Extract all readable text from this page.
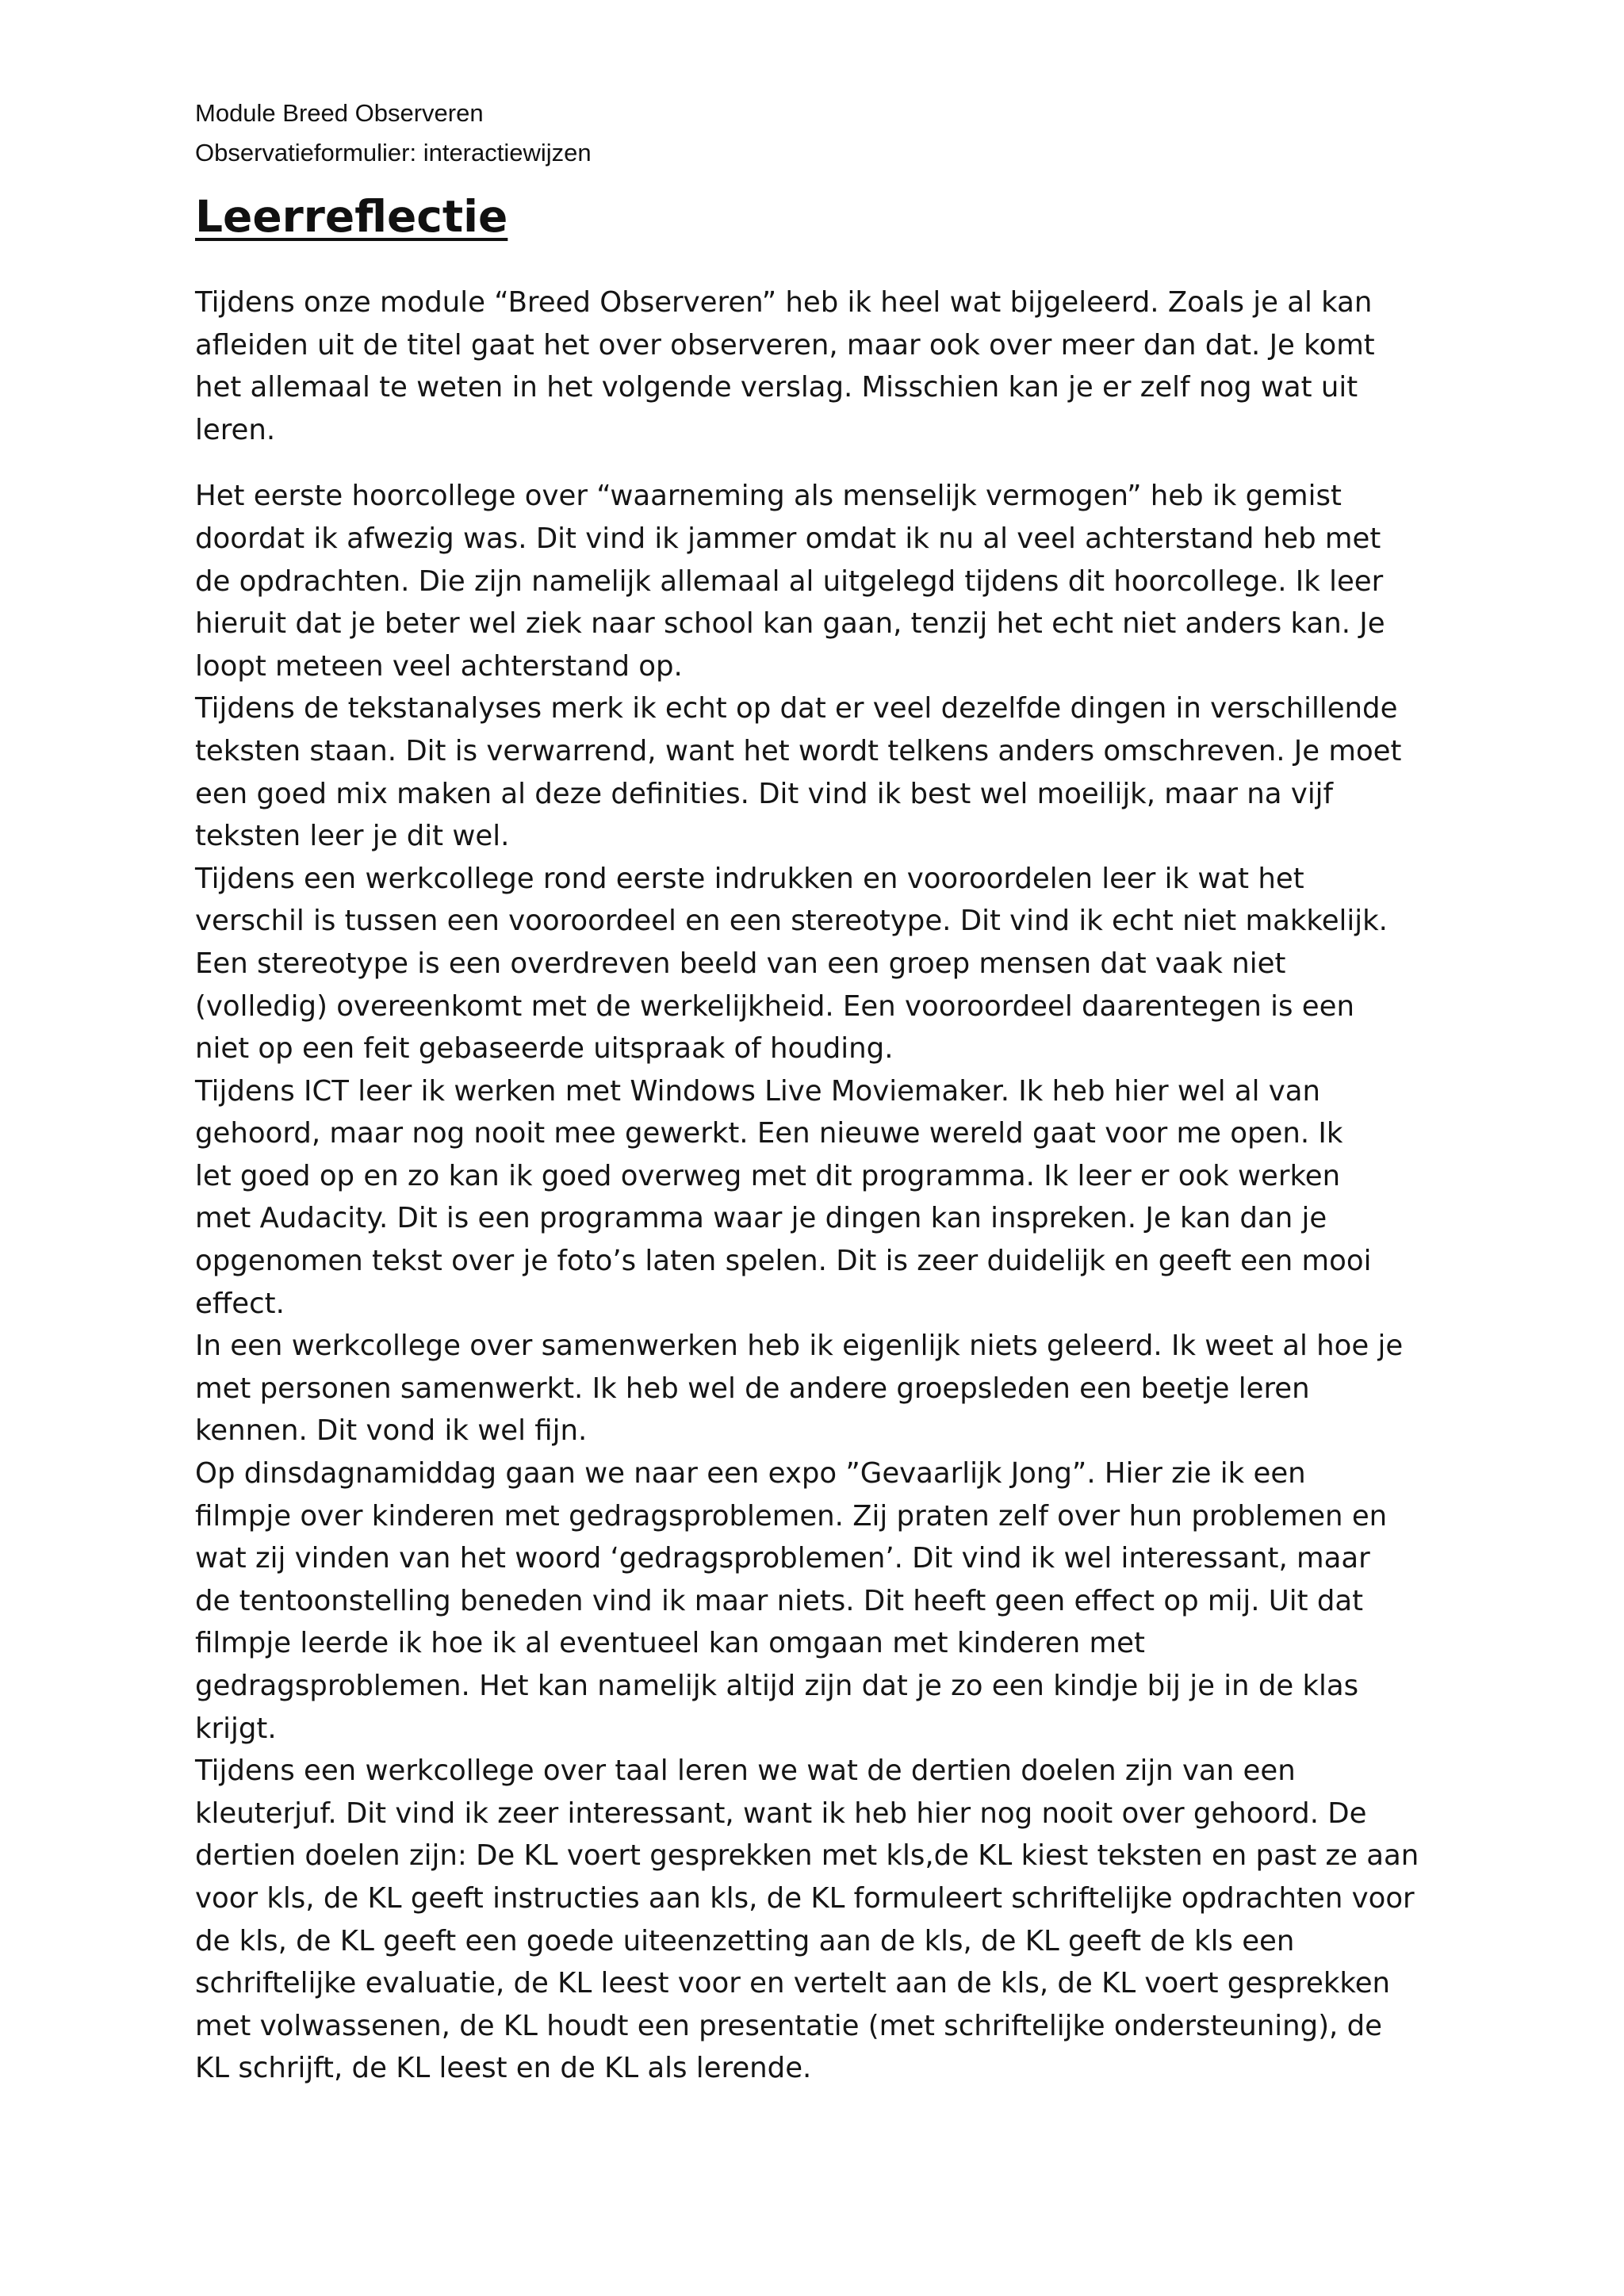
Module Breed Observeren
Observatieformulier: interactiewijzen
Leerreflectie

Tijdens onze module “Breed Observeren” heb ik heel wat bijgeleerd. Zoals je al kan
afleiden uit de titel gaat het over observeren, maar ook over meer dan dat. Je komt
het allemaal te weten in het volgende verslag. Misschien kan je er zelf nog wat uit
leren.

Het eerste hoorcollege over “waarneming als menselijk vermogen” heb ik gemist
doordat ik afwezig was. Dit vind ik jammer omdat ik nu al veel achterstand heb met
de opdrachten. Die zijn namelijk allemaal al uitgelegd tijdens dit hoorcollege. Ik leer
hieruit dat je beter wel ziek naar school kan gaan, tenzij het echt niet anders kan. Je
loopt meteen veel achterstand op.

Tijdens de tekstanalyses merk ik echt op dat er veel dezelfde dingen in verschillende
teksten staan. Dit is verwarrend, want het wordt telkens anders omschreven. Je moet
een goed mix maken al deze definities. Dit vind ik best wel moeilijk, maar na vijf
teksten leer je dit wel.

Tijdens een werkcollege rond eerste indrukken en vooroordelen leer ik wat het
verschil is tussen een vooroordeel en een stereotype. Dit vind ik echt niet makkelijk.
Een stereotype is een overdreven beeld van een groep mensen dat vaak niet
(volledig) overeenkomt met de werkelijkheid. Een vooroordeel daarentegen is een
niet op een feit gebaseerde uitspraak of houding.

Tijdens ICT leer ik werken met Windows Live Moviemaker. Ik heb hier wel al van
gehoord, maar nog nooit mee gewerkt. Een nieuwe wereld gaat voor me open. Ik
let goed op en zo kan ik goed overweg met dit programma. Ik leer er ook werken
met Audacity. Dit is een programma waar je dingen kan inspreken. Je kan dan je
opgenomen tekst over je foto’s laten spelen. Dit is zeer duidelijk en geeft een mooi
effect.

In een werkcollege over samenwerken heb ik eigenlijk niets geleerd. Ik weet al hoe je
met personen samenwerkt. Ik heb wel de andere groepsleden een beetje leren
kennen. Dit vond ik wel fijn.

Op dinsdagnamiddag gaan we naar een expo ”Gevaarlijk Jong”. Hier zie ik een
filmpje over kinderen met gedragsproblemen. Zij praten zelf over hun problemen en
wat zij vinden van het woord ‘gedragsproblemen’. Dit vind ik wel interessant, maar
de tentoonstelling beneden vind ik maar niets. Dit heeft geen effect op mij. Uit dat
filmpje leerde ik hoe ik al eventueel kan omgaan met kinderen met
gedragsproblemen. Het kan namelijk altijd zijn dat je zo een kindje bij je in de klas
krijgt.

Tijdens een werkcollege over taal leren we wat de dertien doelen zijn van een
kleuterjuf. Dit vind ik zeer interessant, want ik heb hier nog nooit over gehoord. De
dertien doelen zijn: De KL voert gesprekken met kls,de KL kiest teksten en past ze aan
voor kls, de KL geeft instructies aan kls, de KL formuleert schriftelijke opdrachten voor
de kls, de KL geeft een goede uiteenzetting aan de kls, de KL geeft de kls een
schriftelijke evaluatie, de KL leest voor en vertelt aan de kls, de KL voert gesprekken
met volwassenen, de KL houdt een presentatie (met schriftelijke ondersteuning), de
KL schrijft, de KL leest en de KL als lerende.
